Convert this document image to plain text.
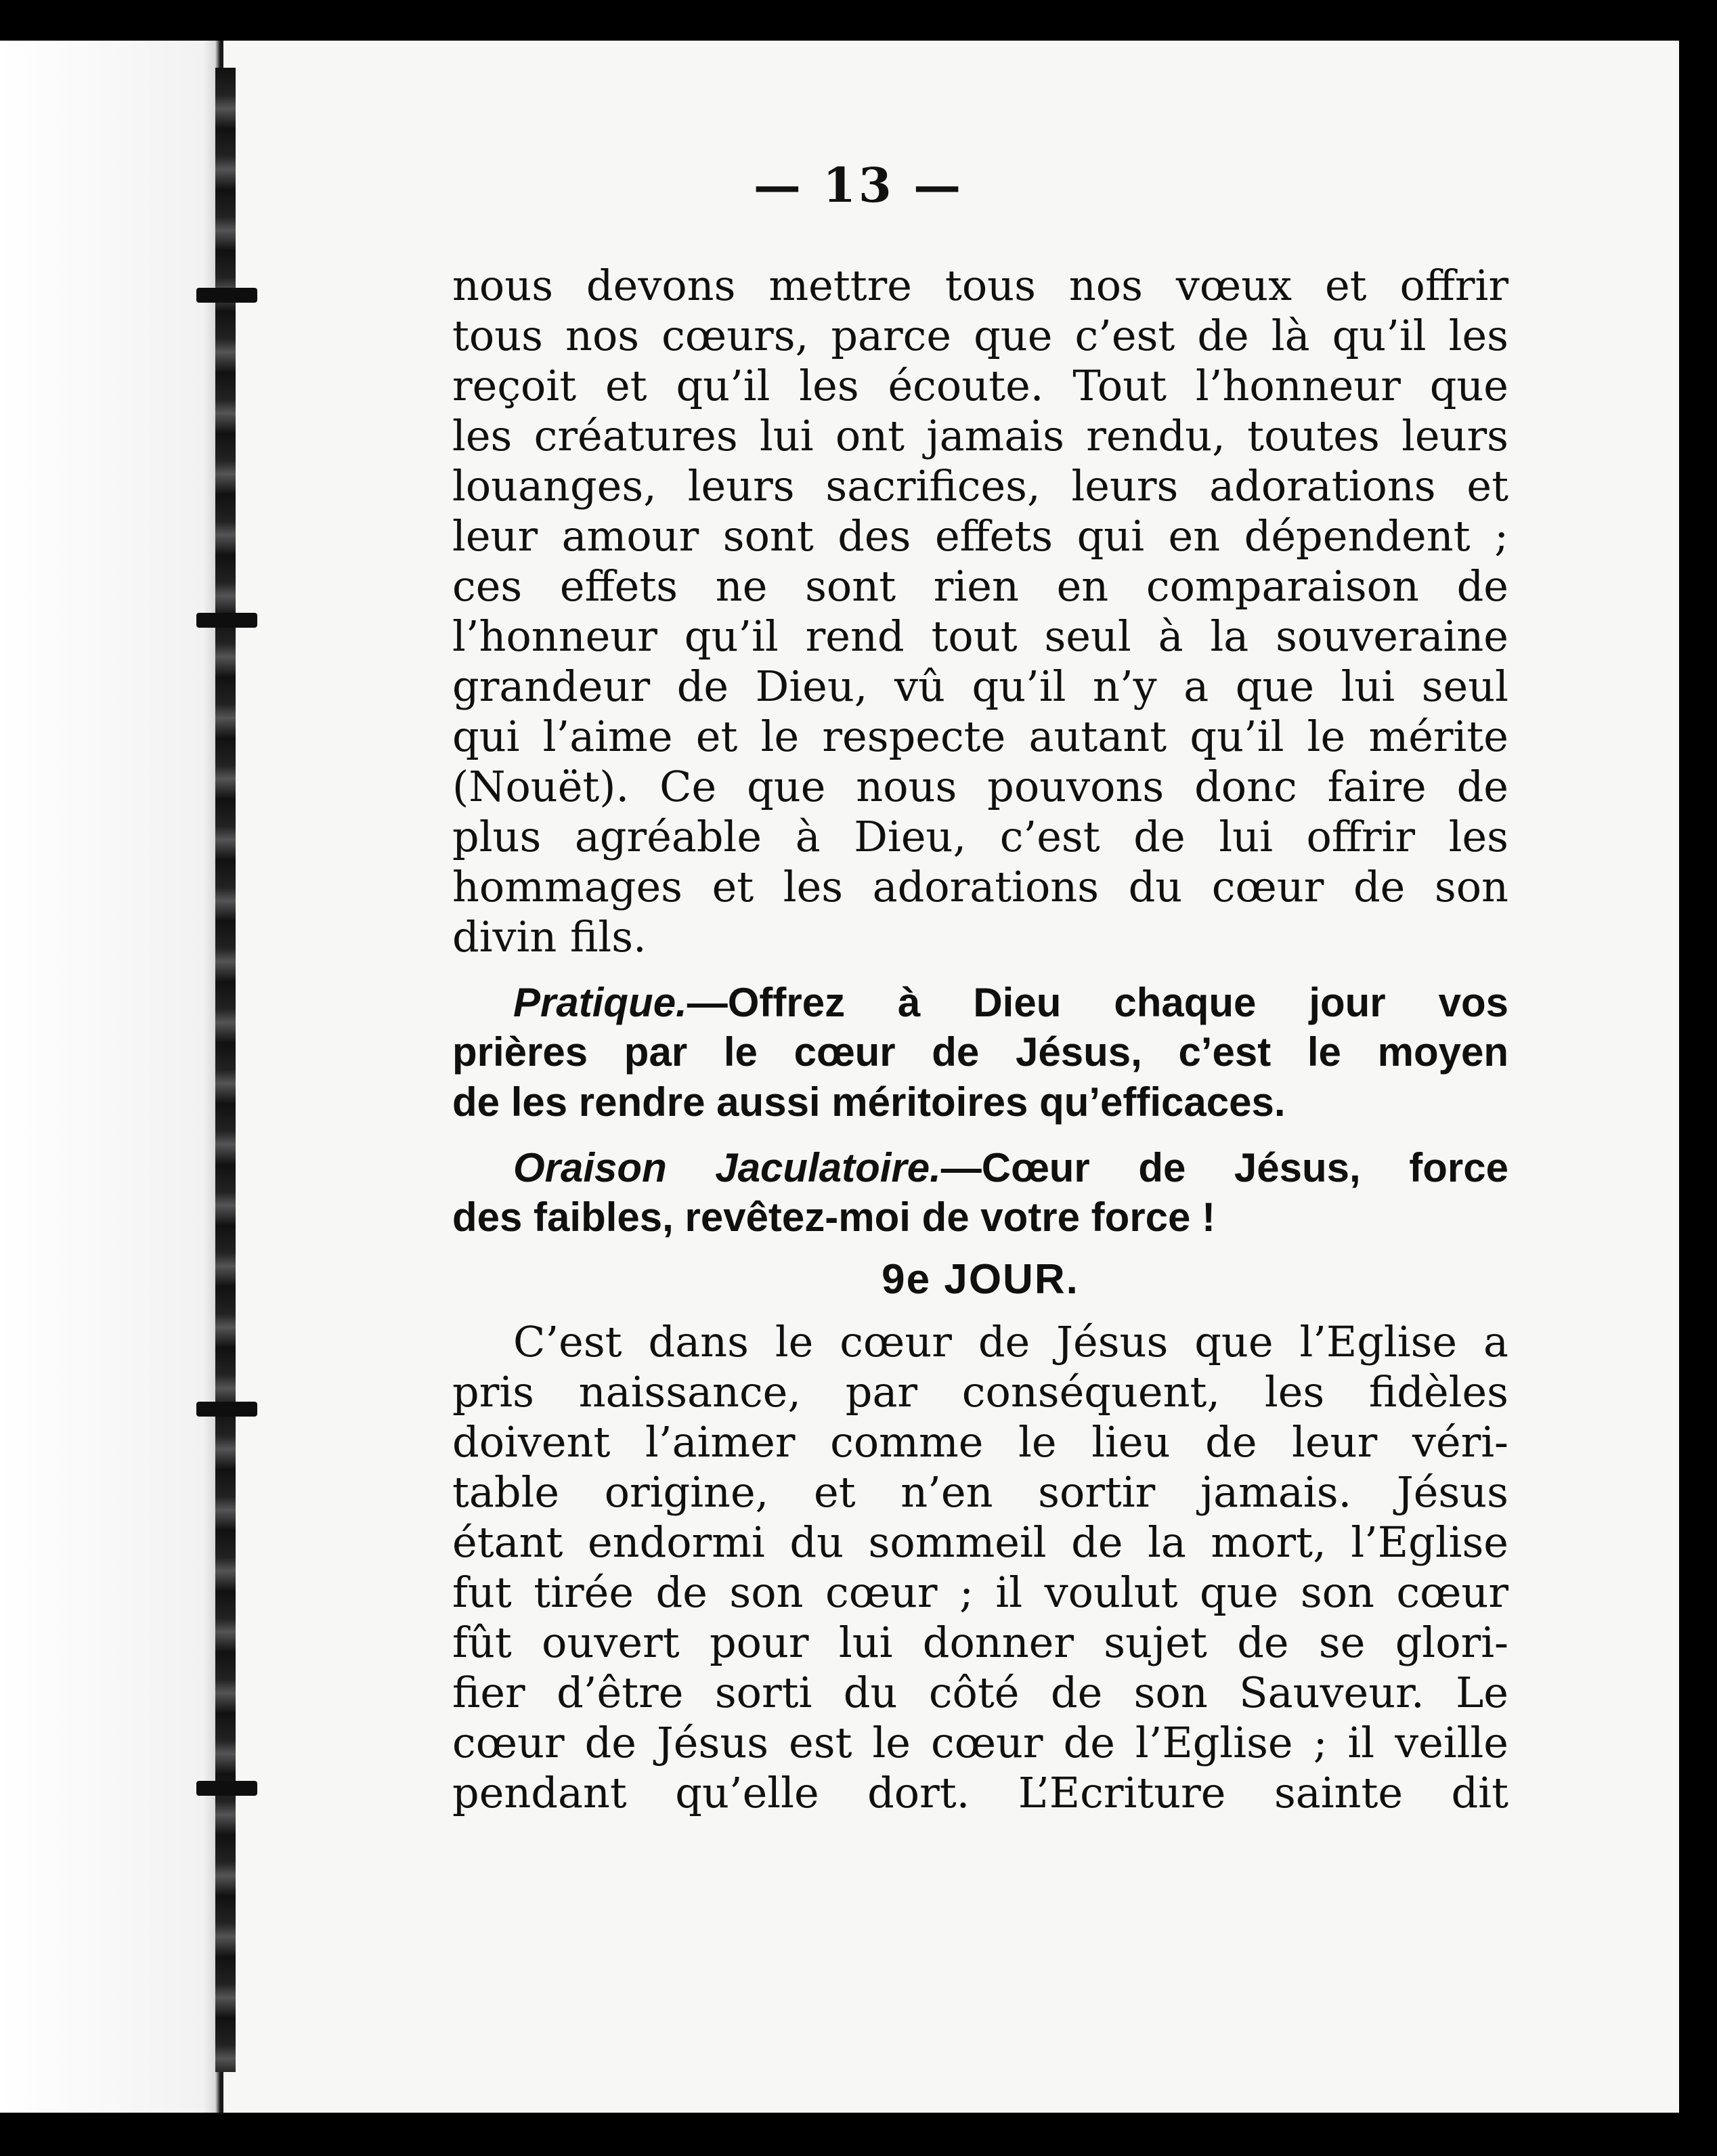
— 13 —
nous devons mettre tous nos vœux et offrir
tous nos cœurs, parce que c’est de là qu’il les
reçoit et qu’il les écoute. Tout l’honneur que
les créatures lui ont jamais rendu, toutes leurs
louanges, leurs sacrifices, leurs adorations et
leur amour sont des effets qui en dépendent ;
ces effets ne sont rien en comparaison de
l’honneur qu’il rend tout seul à la souveraine
grandeur de Dieu, vû qu’il n’y a que lui seul
qui l’aime et le respecte autant qu’il le mérite
(Nouët). Ce que nous pouvons donc faire de
plus agréable à Dieu, c’est de lui offrir les
hommages et les adorations du cœur de son
divin fils.
Pratique.—Offrez à Dieu chaque jour vos
prières par le cœur de Jésus, c’est le moyen
de les rendre aussi méritoires qu’efficaces.
Oraison Jaculatoire.—Cœur de Jésus, force
des faibles, revêtez-moi de votre force !
9e JOUR.
C’est dans le cœur de Jésus que l’Eglise a
pris naissance, par conséquent, les fidèles
doivent l’aimer comme le lieu de leur véri-
table origine, et n’en sortir jamais. Jésus
étant endormi du sommeil de la mort, l’Eglise
fut tirée de son cœur ; il voulut que son cœur
fût ouvert pour lui donner sujet de se glori-
fier d’être sorti du côté de son Sauveur. Le
cœur de Jésus est le cœur de l’Eglise ; il veille
pendant qu’elle dort. L’Ecriture sainte dit
